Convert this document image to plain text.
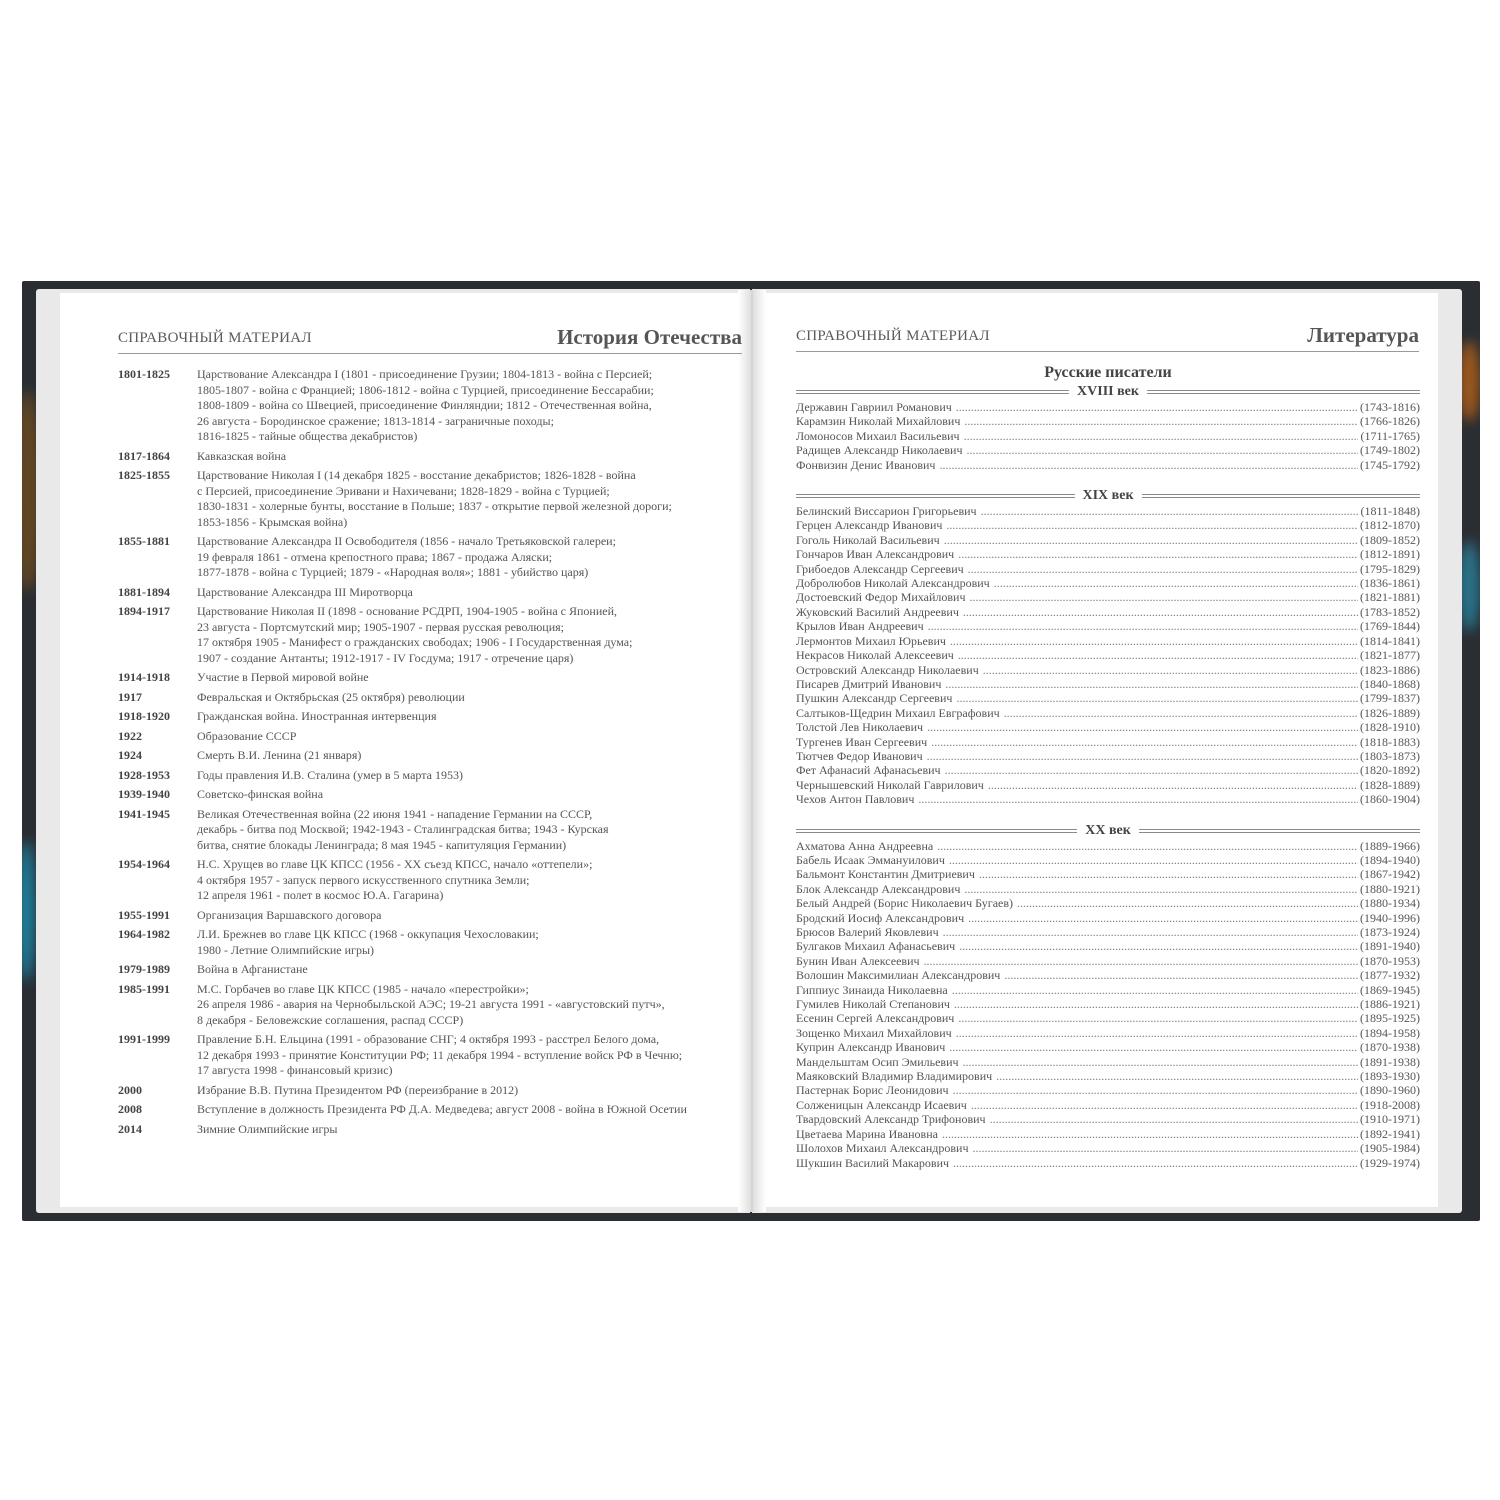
СПРАВОЧНЫЙ МАТЕРИАЛ	История Отечества
1801-1825	Царствование Александра I (1801 - присоединение Грузии; 1804-1813 - война с Персией;
1805-1807 - война с Францией; 1806-1812 - война с Турцией, присоединение Бессарабии;
1808-1809 - война со Швецией, присоединение Финляндии; 1812 - Отечественная война,
26 августа - Бородинское сражение; 1813-1814 - заграничные походы;
1816-1825 - тайные общества декабристов)
1817-1864	Кавказская война
1825-1855	Царствование Николая I (14 декабря 1825 - восстание декабристов; 1826-1828 - война
с Персией, присоединение Эривани и Нахичевани; 1828-1829 - война с Турцией;
1830-1831 - холерные бунты, восстание в Польше; 1837 - открытие первой железной дороги;
1853-1856 - Крымская война)
1855-1881	Царствование Александра II Освободителя (1856 - начало Третьяковской галереи;
19 февраля 1861 - отмена крепостного права; 1867 - продажа Аляски;
1877-1878 - война с Турцией; 1879 - «Народная воля»; 1881 - убийство царя)
1881-1894	Царствование Александра III Миротворца
1894-1917	Царствование Николая II (1898 - основание РСДРП, 1904-1905 - война с Японией,
23 августа - Портсмутский мир; 1905-1907 - первая русская революция;
17 октября 1905 - Манифест о гражданских свободах; 1906 - I Государственная дума;
1907 - создание Антанты; 1912-1917 - IV Госдума; 1917 - отречение царя)
1914-1918	Участие в Первой мировой войне
1917	Февральская и Октябрьская (25 октября) революции
1918-1920	Гражданская война. Иностранная интервенция
1922	Образование СССР
1924	Смерть В.И. Ленина (21 января)
1928-1953	Годы правления И.В. Сталина (умер в 5 марта 1953)
1939-1940	Советско-финская война
1941-1945	Великая Отечественная война (22 июня 1941 - нападение Германии на СССР,
декабрь - битва под Москвой; 1942-1943 - Сталинградская битва; 1943 - Курская
битва, снятие блокады Ленинграда; 8 мая 1945 - капитуляция Германии)
1954-1964	Н.С. Хрущев во главе ЦК КПСС (1956 - XX съезд КПСС, начало «оттепели»;
4 октября 1957 - запуск первого искусственного спутника Земли;
12 апреля 1961 - полет в космос Ю.А. Гагарина)
1955-1991	Организация Варшавского договора
1964-1982	Л.И. Брежнев во главе ЦК КПСС (1968 - оккупация Чехословакии;
1980 - Летние Олимпийские игры)
1979-1989	Война в Афганистане
1985-1991	М.С. Горбачев во главе ЦК КПСС (1985 - начало «перестройки»;
26 апреля 1986 - авария на Чернобыльской АЭС; 19-21 августа 1991 - «августовский путч»,
8 декабря - Беловежские соглашения, распад СССР)
1991-1999	Правление Б.Н. Ельцина (1991 - образование СНГ; 4 октября 1993 - расстрел Белого дома,
12 декабря 1993 - принятие Конституции РФ; 11 декабря 1994 - вступление войск РФ в Чечню;
17 августа 1998 - финансовый кризис)
2000	Избрание В.В. Путина Президентом РФ (переизбрание в 2012)
2008	Вступление в должность Президента РФ Д.А. Медведева; август 2008 - война в Южной Осетии
2014	Зимние Олимпийские игры
СПРАВОЧНЫЙ МАТЕРИАЛ	Литература
Русские писатели
XVIII век
Державин Гавриил Романович .....	(1743-1816)
Карамзин Николай Михайлович .....	(1766-1826)
Ломоносов Михаил Васильевич .....	(1711-1765)
Радищев Александр Николаевич .....	(1749-1802)
Фонвизин Денис Иванович .....	(1745-1792)
XIX век
Белинский Виссарион Григорьевич .....	(1811-1848)
Герцен Александр Иванович .....	(1812-1870)
Гоголь Николай Васильевич .....	(1809-1852)
Гончаров Иван Александрович .....	(1812-1891)
Грибоедов Александр Сергеевич .....	(1795-1829)
Добролюбов Николай Александрович .....	(1836-1861)
Достоевский Федор Михайлович .....	(1821-1881)
Жуковский Василий Андреевич .....	(1783-1852)
Крылов Иван Андреевич .....	(1769-1844)
Лермонтов Михаил Юрьевич .....	(1814-1841)
Некрасов Николай Алексеевич .....	(1821-1877)
Островский Александр Николаевич .....	(1823-1886)
Писарев Дмитрий Иванович .....	(1840-1868)
Пушкин Александр Сергеевич .....	(1799-1837)
Салтыков-Щедрин Михаил Евграфович .....	(1826-1889)
Толстой Лев Николаевич .....	(1828-1910)
Тургенев Иван Сергеевич .....	(1818-1883)
Тютчев Федор Иванович .....	(1803-1873)
Фет Афанасий Афанасьевич .....	(1820-1892)
Чернышевский Николай Гаврилович .....	(1828-1889)
Чехов Антон Павлович .....	(1860-1904)
XX век
Ахматова Анна Андреевна .....	(1889-1966)
Бабель Исаак Эммануилович .....	(1894-1940)
Бальмонт Константин Дмитриевич .....	(1867-1942)
Блок Александр Александрович .....	(1880-1921)
Белый Андрей (Борис Николаевич Бугаев) .....	(1880-1934)
Бродский Иосиф Александрович .....	(1940-1996)
Брюсов Валерий Яковлевич .....	(1873-1924)
Булгаков Михаил Афанасьевич .....	(1891-1940)
Бунин Иван Алексеевич .....	(1870-1953)
Волошин Максимилиан Александрович .....	(1877-1932)
Гиппиус Зинаида Николаевна .....	(1869-1945)
Гумилев Николай Степанович .....	(1886-1921)
Есенин Сергей Александрович .....	(1895-1925)
Зощенко Михаил Михайлович .....	(1894-1958)
Куприн Александр Иванович .....	(1870-1938)
Мандельштам Осип Эмильевич .....	(1891-1938)
Маяковский Владимир Владимирович .....	(1893-1930)
Пастернак Борис Леонидович .....	(1890-1960)
Солженицын Александр Исаевич .....	(1918-2008)
Твардовский Александр Трифонович .....	(1910-1971)
Цветаева Марина Ивановна .....	(1892-1941)
Шолохов Михаил Александрович .....	(1905-1984)
Шукшин Василий Макарович .....	(1929-1974)
